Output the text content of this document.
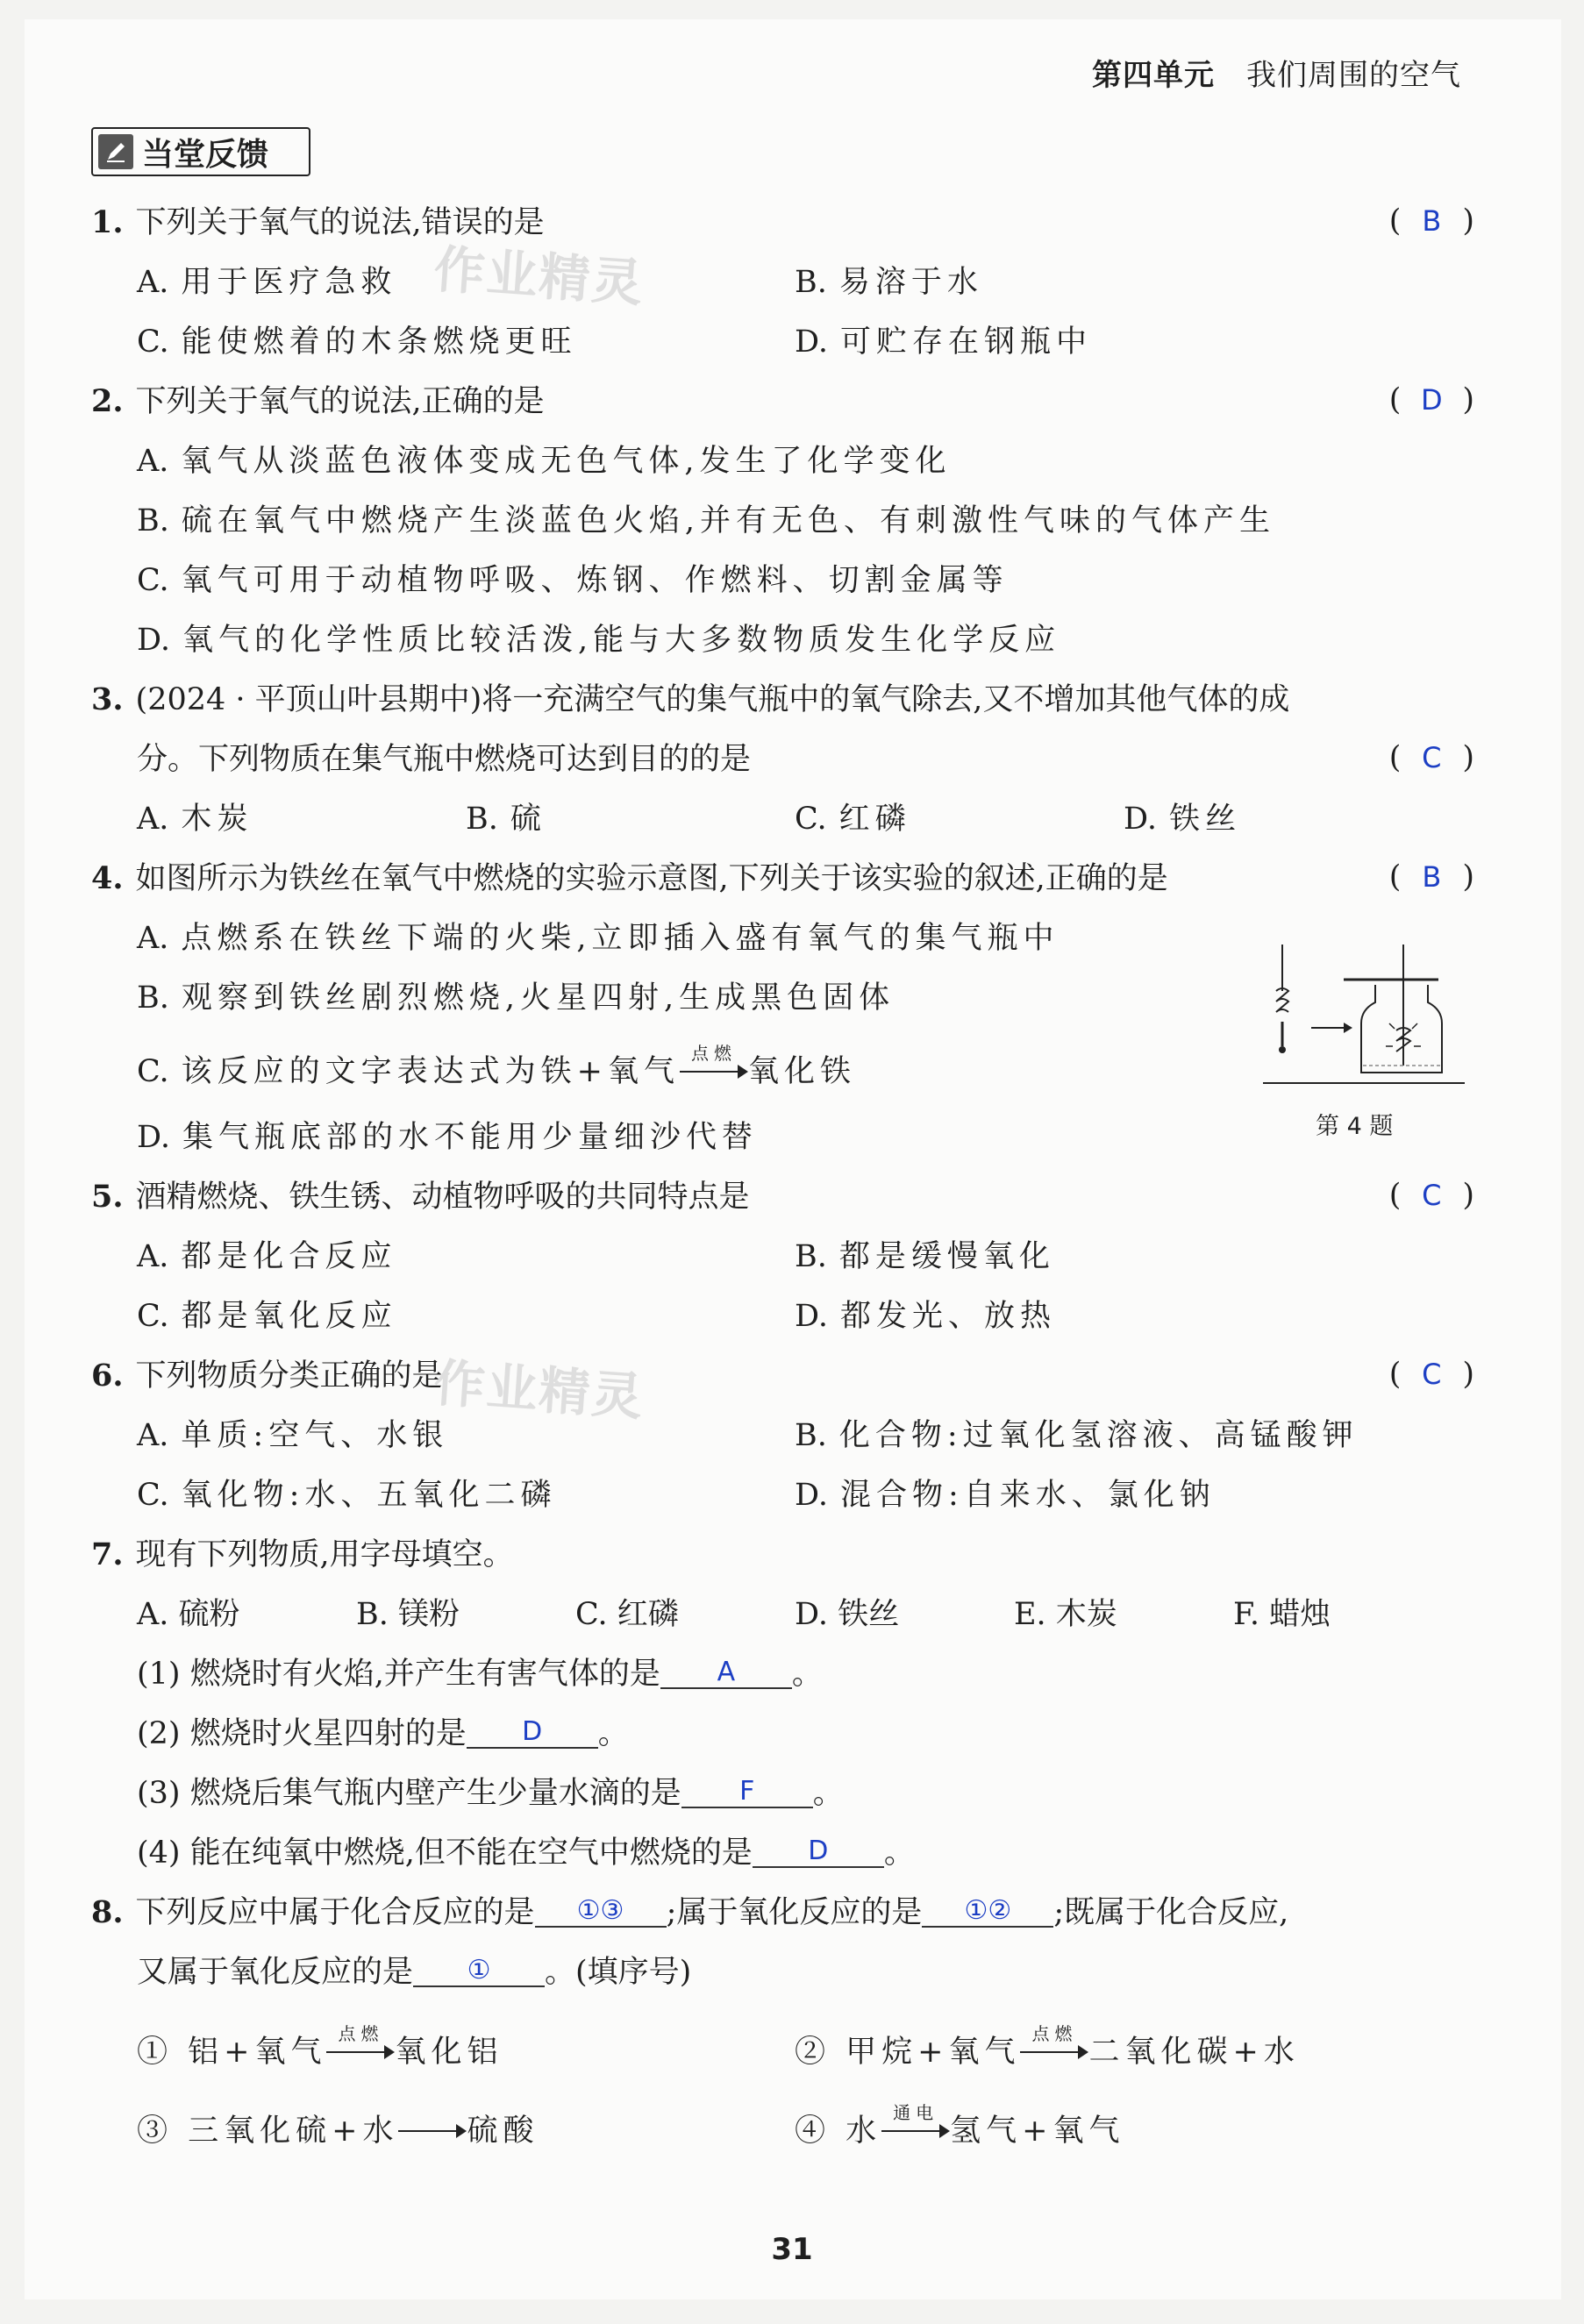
第四单元 我们周围的空气
当堂反馈
作业精灵
作业精灵
1. 下列关于氧气的说法,错误的是	( B )
A. 用于医疗急救	B. 易溶于水
C. 能使燃着的木条燃烧更旺	D. 可贮存在钢瓶中
2. 下列关于氧气的说法,正确的是	( D )
A. 氧气从淡蓝色液体变成无色气体,发生了化学变化
B. 硫在氧气中燃烧产生淡蓝色火焰,并有无色、有刺激性气味的气体产生
C. 氧气可用于动植物呼吸、炼钢、作燃料、切割金属等
D. 氧气的化学性质比较活泼,能与大多数物质发生化学反应
3. (2024 · 平顶山叶县期中)将一充满空气的集气瓶中的氧气除去,又不增加其他气体的成
分。下列物质在集气瓶中燃烧可达到目的的是	( C )
A. 木炭	B. 硫	C. 红磷	D. 铁丝
4. 如图所示为铁丝在氧气中燃烧的实验示意图,下列关于该实验的叙述,正确的是	( B )
A. 点燃系在铁丝下端的火柴,立即插入盛有氧气的集气瓶中
B. 观察到铁丝剧烈燃烧,火星四射,生成黑色固体
C. 该反应的文字表达式为铁+氧气
点燃
氧化铁
D. 集气瓶底部的水不能用少量细沙代替	第 4 题
5. 酒精燃烧、铁生锈、动植物呼吸的共同特点是	( C )
A. 都是化合反应	B. 都是缓慢氧化
C. 都是氧化反应	D. 都发光、放热
6. 下列物质分类正确的是	( C )
A. 单质:空气、水银	B. 化合物:过氧化氢溶液、高锰酸钾
C. 氧化物:水、五氧化二磷	D. 混合物:自来水、氯化钠
7. 现有下列物质,用字母填空。
A. 硫粉	B. 镁粉	C. 红磷	D. 铁丝	E. 木炭	F. 蜡烛
(1) 燃烧时有火焰,并产生有害气体的是 A 。
(2) 燃烧时火星四射的是 D 。
(3) 燃烧后集气瓶内壁产生少量水滴的是 F 。
(4) 能在纯氧中燃烧,但不能在空气中燃烧的是 D 。
8. 下列反应中属于化合反应的是 ①③ ;属于氧化反应的是 ①② ;既属于化合反应,
又属于氧化反应的是 ① 。(填序号)
① 铝+氧气
点燃
氧化铝	② 甲烷+氧气
点燃
二氧化碳+水
③ 三氧化硫+水 硫酸	④ 水
通电
氢气+氧气
31
